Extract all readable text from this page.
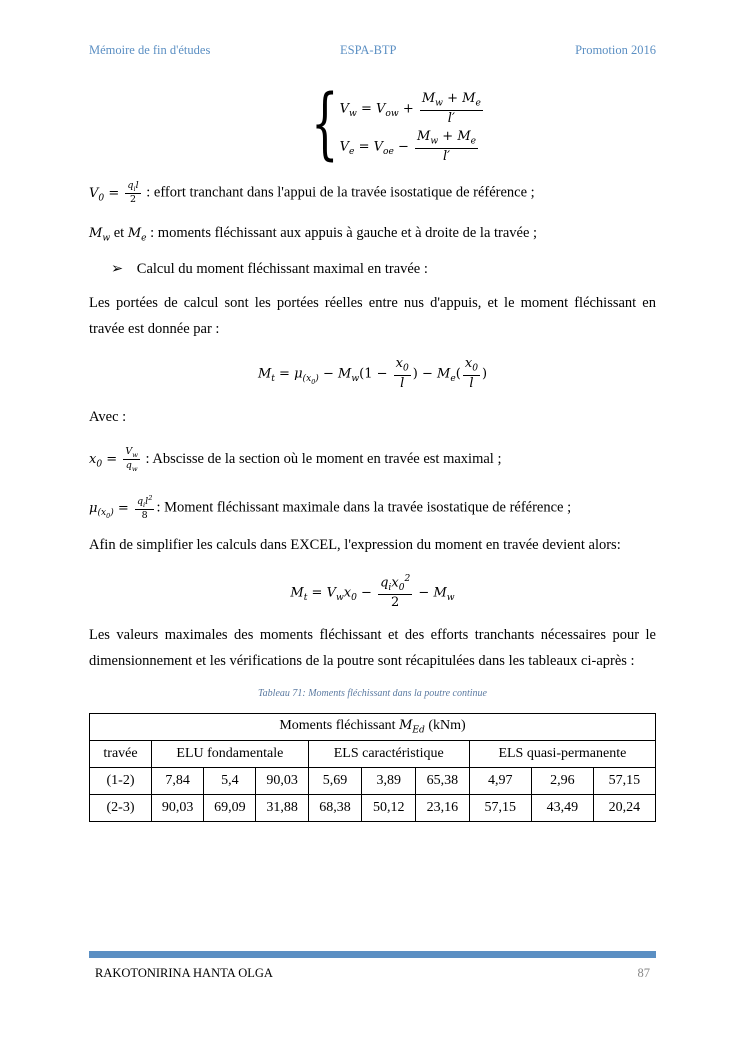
Mémoire de fin d'études	ESPA-BTP	Promotion 2016
{ $V_w = V_{ow} + \frac{M_w + M_e}{l'}$
$V_e = V_{oe} - \frac{M_w + M_e}{l'}$
$V_0 = \frac{q_il}{2}$ : effort tranchant dans l'appui de la travée isostatique de référence ;
$M_w$ et $M_e$ : moments fléchissant aux appuis à gauche et à droite de la travée ;
➢ Calcul du moment fléchissant maximal en travée :
Les portées de calcul sont les portées réelles entre nus d'appuis, et le moment fléchissant en
travée est donnée par :
$M_t = \mu_{(x_0)} - M_w(1 - \frac{x_0}{l}$ ) − $M_e( \frac{x_0}{l}$ )
Avec :
$x_0 = \frac{V_w}{q_w}$ : Abscisse de la section où le moment en travée est maximal ;
$\mu_{(x_0)} = \frac{q_il^2}{8}$ : Moment fléchissant maximale dans la travée isostatique de référence ;
Afin de simplifier les calculs dans EXCEL, l'expression du moment en travée devient alors:
$M_t = V_wx_0 - \frac{q_ix_0^2}{2} - M_w$
Les valeurs maximales des moments fléchissant et des efforts tranchants nécessaires pour le
dimensionnement et les vérifications de la poutre sont récapitulées dans les tableaux ci-après :
Tableau 71: Moments fléchissant dans la poutre continue
Moments fléchissant $M_{Ed}$ (kNm)									
travée	ELU fondamentale			ELS caractéristique			ELS quasi-permanente		
(1-2)	7,84	5,4	90,03	5,69	3,89	65,38	4,97	2,96	57,15
(2-3)	90,03	69,09	31,88	68,38	50,12	23,16	57,15	43,49	20,24
RAKOTONIRINA HANTA OLGA	87
